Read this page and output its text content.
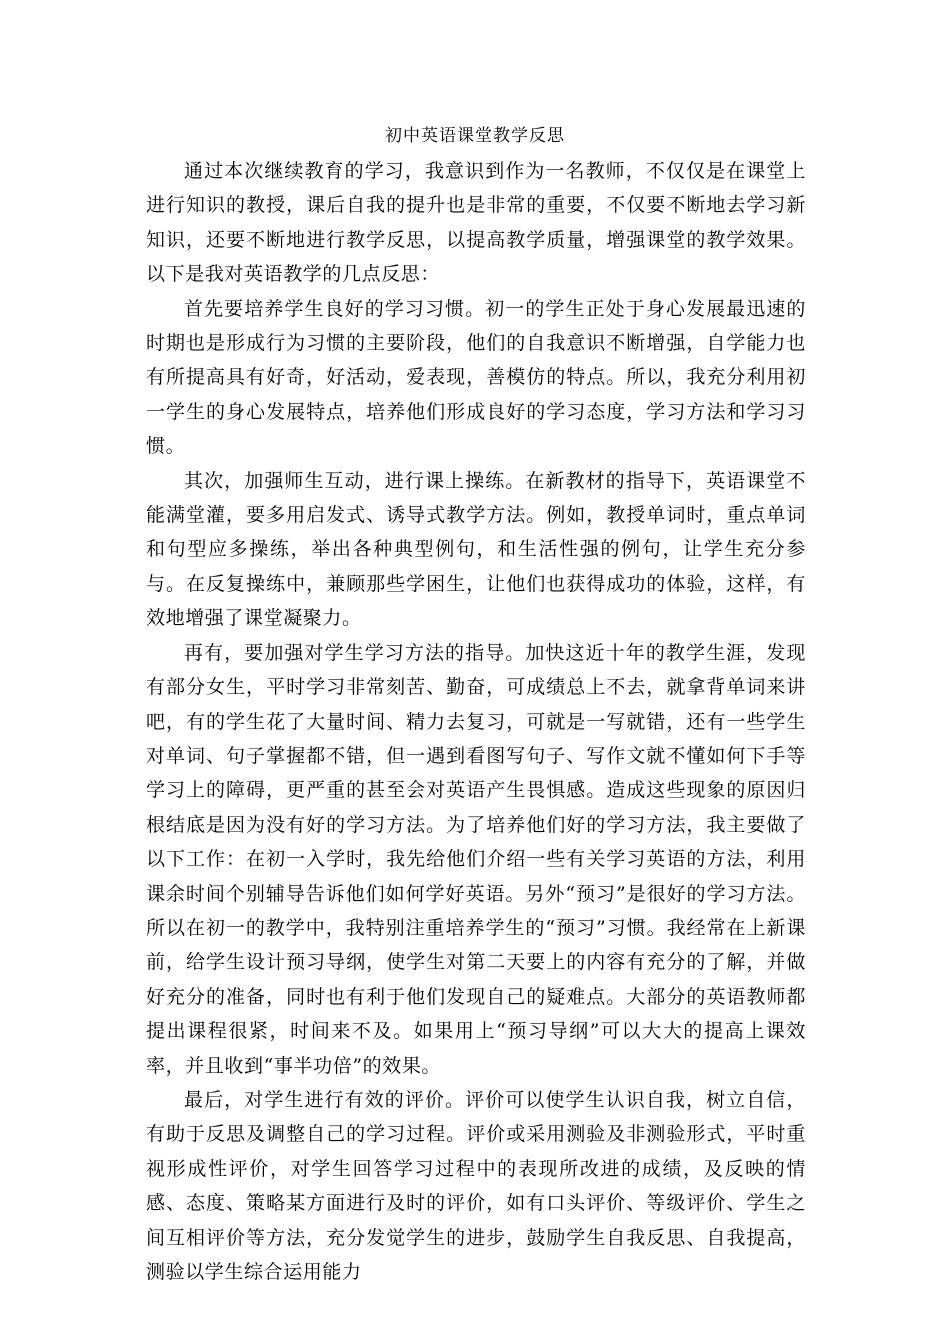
初中英语课堂教学反思

通过本次继续教育的学习，我意识到作为一名教师，不仅仅是在课堂上进行知识的教授，课后自我的提升也是非常的重要，不仅要不断地去学习新知识，还要不断地进行教学反思，以提高教学质量，增强课堂的教学效果。以下是我对英语教学的几点反思：

首先要培养学生良好的学习习惯。初一的学生正处于身心发展最迅速的时期也是形成行为习惯的主要阶段，他们的自我意识不断增强，自学能力也有所提高具有好奇，好活动，爱表现，善模仿的特点。所以，我充分利用初一学生的身心发展特点，培养他们形成良好的学习态度，学习方法和学习习惯。

其次，加强师生互动，进行课上操练。在新教材的指导下，英语课堂不能满堂灌，要多用启发式、诱导式教学方法。例如，教授单词时，重点单词和句型应多操练，举出各种典型例句，和生活性强的例句，让学生充分参与。在反复操练中，兼顾那些学困生，让他们也获得成功的体验，这样，有效地增强了课堂凝聚力。

再有，要加强对学生学习方法的指导。加快这近十年的教学生涯，发现有部分女生，平时学习非常刻苦、勤奋，可成绩总上不去，就拿背单词来讲吧，有的学生花了大量时间、精力去复习，可就是一写就错，还有一些学生对单词、句子掌握都不错，但一遇到看图写句子、写作文就不懂如何下手等学习上的障碍，更严重的甚至会对英语产生畏惧感。造成这些现象的原因归根结底是因为没有好的学习方法。为了培养他们好的学习方法，我主要做了以下工作：在初一入学时，我先给他们介绍一些有关学习英语的方法，利用课余时间个别辅导告诉他们如何学好英语。另外“预习”是很好的学习方法。所以在初一的教学中，我特别注重培养学生的“预习”习惯。我经常在上新课前，给学生设计预习导纲，使学生对第二天要上的内容有充分的了解，并做好充分的准备，同时也有利于他们发现自己的疑难点。大部分的英语教师都提出课程很紧，时间来不及。如果用上“预习导纲”可以大大的提高上课效率，并且收到“事半功倍”的效果。

最后，对学生进行有效的评价。评价可以使学生认识自我，树立自信，有助于反思及调整自己的学习过程。评价或采用测验及非测验形式，平时重视形成性评价，对学生回答学习过程中的表现所改进的成绩，及反映的情感、态度、策略某方面进行及时的评价，如有口头评价、等级评价、学生之间互相评价等方法，充分发觉学生的进步，鼓励学生自我反思、自我提高，测验以学生综合运用能力
